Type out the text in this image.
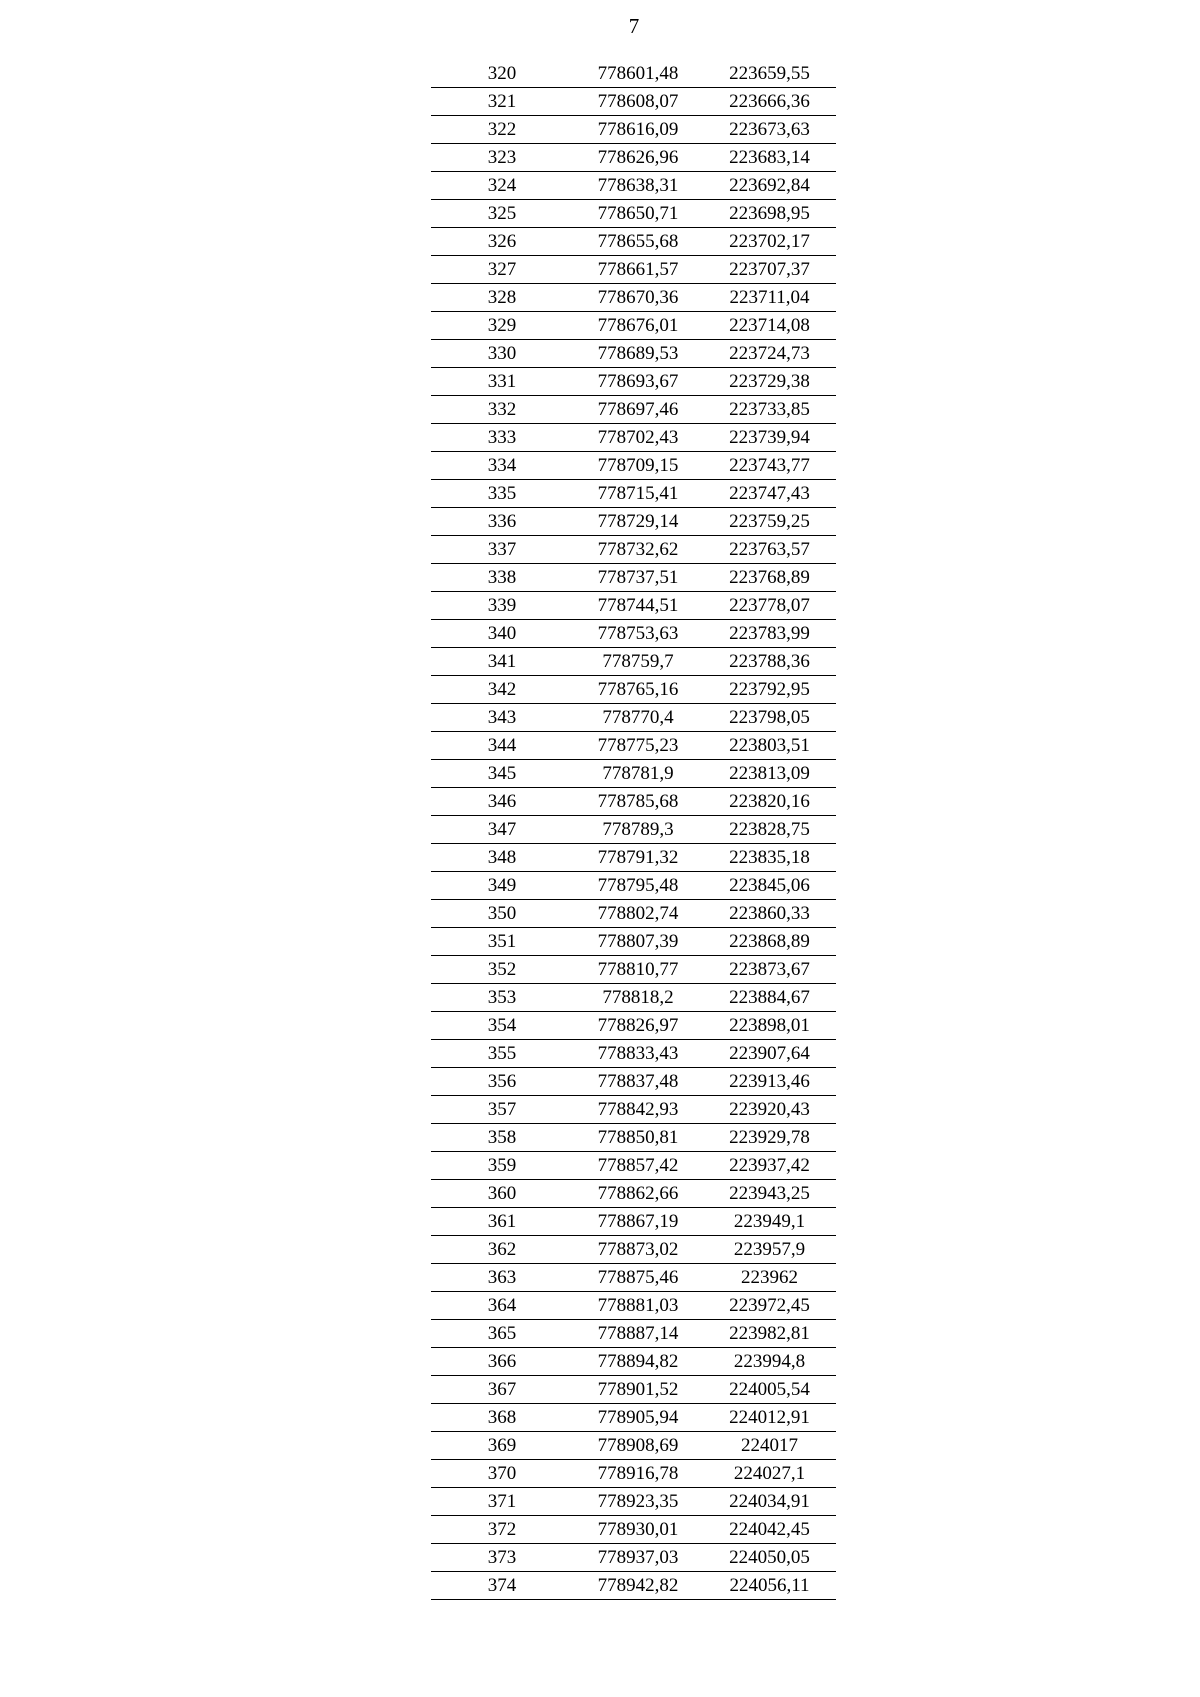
7
320	778601,48	223659,55
321	778608,07	223666,36
322	778616,09	223673,63
323	778626,96	223683,14
324	778638,31	223692,84
325	778650,71	223698,95
326	778655,68	223702,17
327	778661,57	223707,37
328	778670,36	223711,04
329	778676,01	223714,08
330	778689,53	223724,73
331	778693,67	223729,38
332	778697,46	223733,85
333	778702,43	223739,94
334	778709,15	223743,77
335	778715,41	223747,43
336	778729,14	223759,25
337	778732,62	223763,57
338	778737,51	223768,89
339	778744,51	223778,07
340	778753,63	223783,99
341	778759,7	223788,36
342	778765,16	223792,95
343	778770,4	223798,05
344	778775,23	223803,51
345	778781,9	223813,09
346	778785,68	223820,16
347	778789,3	223828,75
348	778791,32	223835,18
349	778795,48	223845,06
350	778802,74	223860,33
351	778807,39	223868,89
352	778810,77	223873,67
353	778818,2	223884,67
354	778826,97	223898,01
355	778833,43	223907,64
356	778837,48	223913,46
357	778842,93	223920,43
358	778850,81	223929,78
359	778857,42	223937,42
360	778862,66	223943,25
361	778867,19	223949,1
362	778873,02	223957,9
363	778875,46	223962
364	778881,03	223972,45
365	778887,14	223982,81
366	778894,82	223994,8
367	778901,52	224005,54
368	778905,94	224012,91
369	778908,69	224017
370	778916,78	224027,1
371	778923,35	224034,91
372	778930,01	224042,45
373	778937,03	224050,05
374	778942,82	224056,11
